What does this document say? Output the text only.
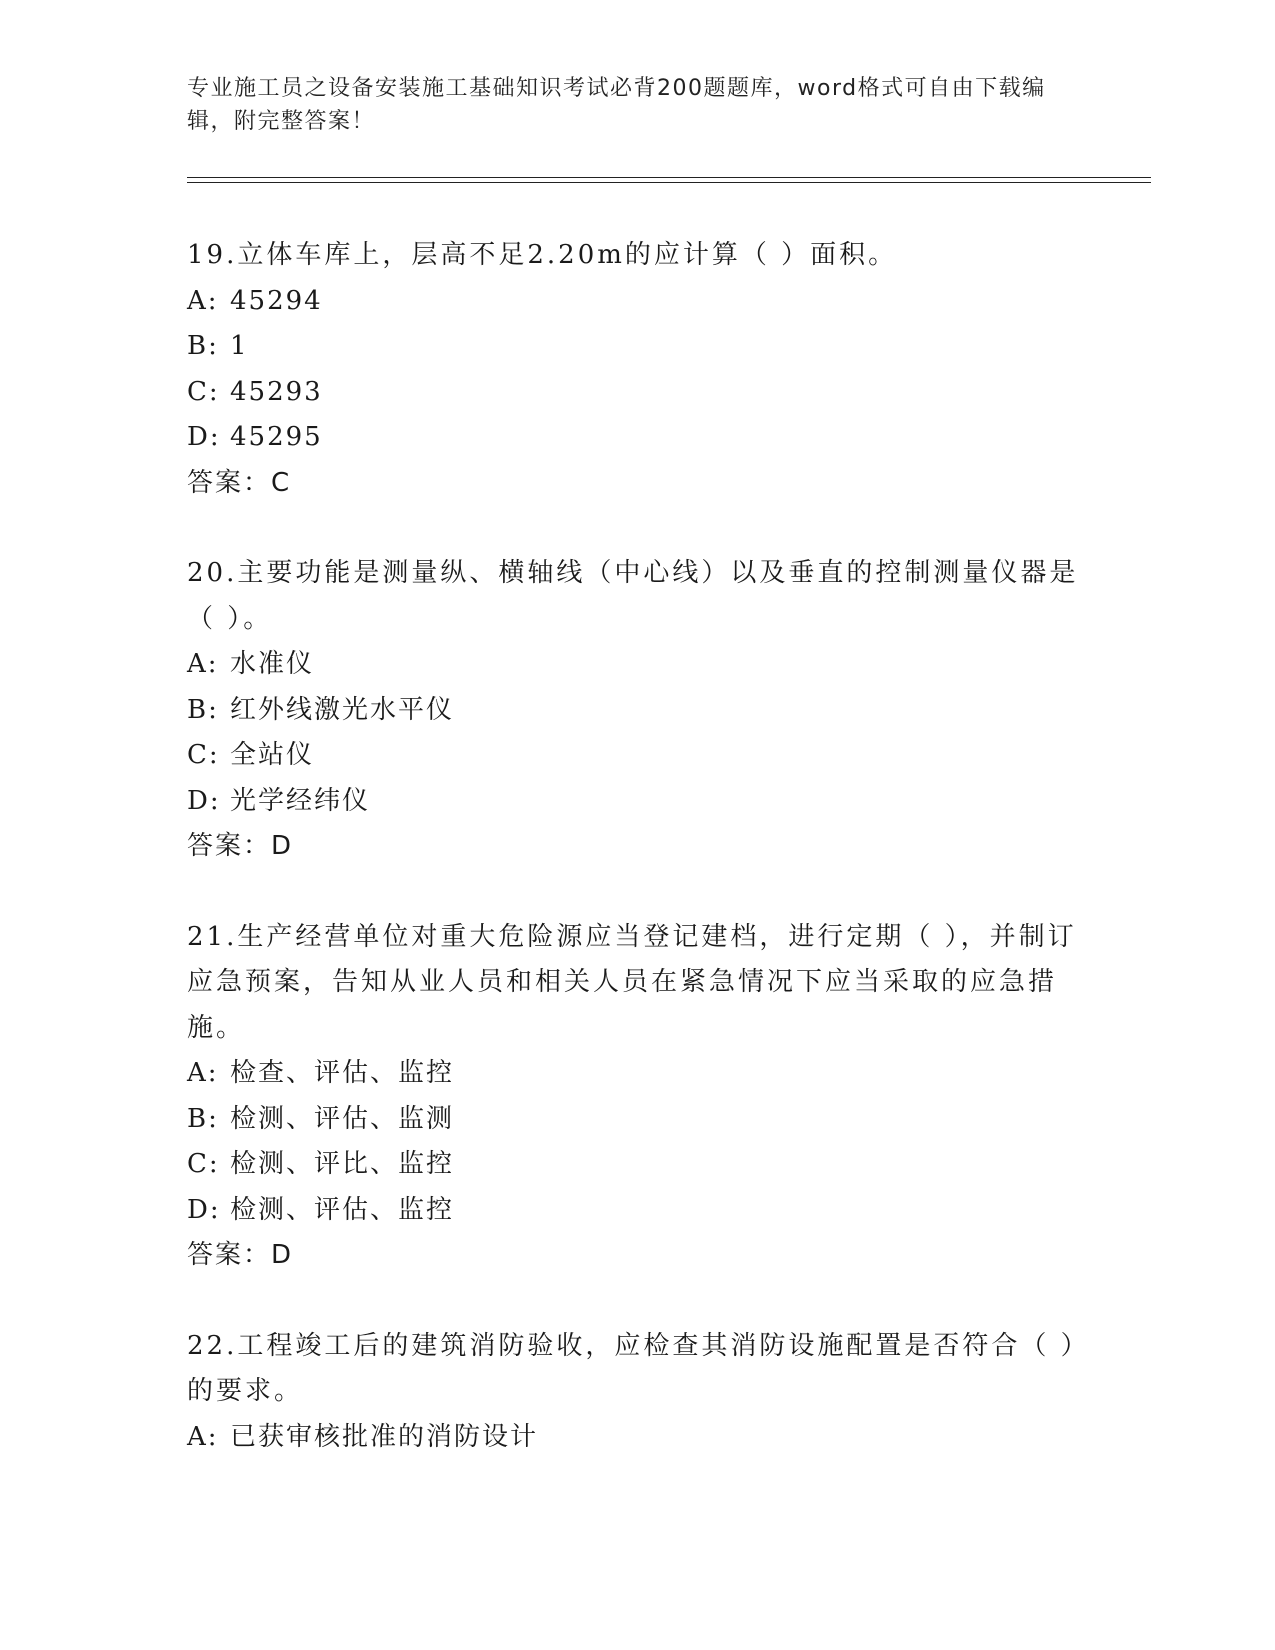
专业施工员之设备安装施工基础知识考试必背200题题库，word格式可自由下载编辑，附完整答案！
19.立体车库上，层高不足2.20m的应计算（ ）面积。
A: 45294
B: 1
C: 45293
D: 45295
答案：C
20.主要功能是测量纵、横轴线（中心线）以及垂直的控制测量仪器是（ ）。
A: 水准仪
B: 红外线激光水平仪
C: 全站仪
D: 光学经纬仪
答案：D
21.生产经营单位对重大危险源应当登记建档，进行定期（ ），并制订应急预案，告知从业人员和相关人员在紧急情况下应当采取的应急措施。
A: 检查、评估、监控
B: 检测、评估、监测
C: 检测、评比、监控
D: 检测、评估、监控
答案：D
22.工程竣工后的建筑消防验收，应检查其消防设施配置是否符合（ ）的要求。
A: 已获审核批准的消防设计
